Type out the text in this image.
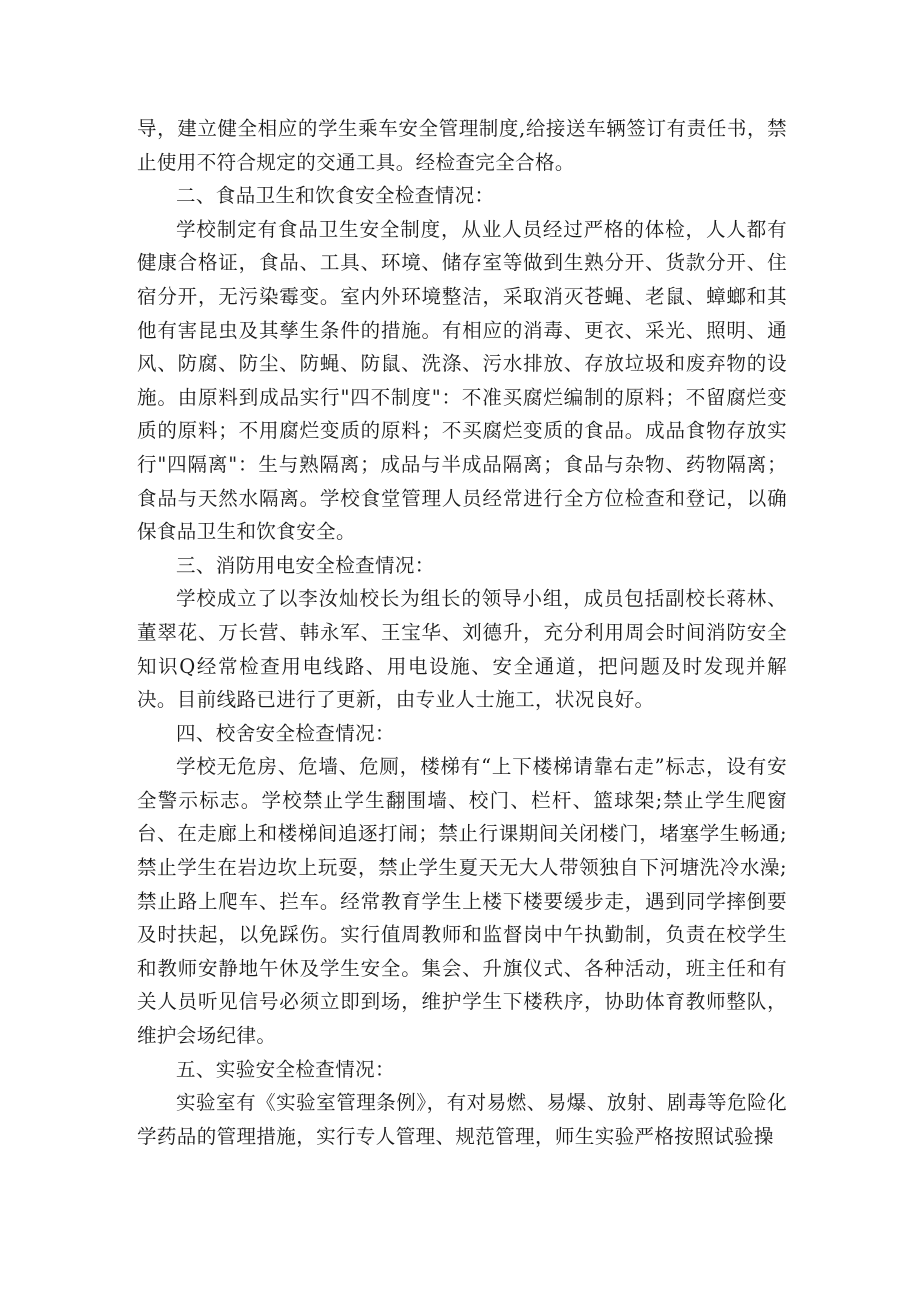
导，建立健全相应的学生乘车安全管理制度,给接送车辆签订有责任书，禁止使用不符合规定的交通工具。经检查完全合格。

二、食品卫生和饮食安全检查情况：

学校制定有食品卫生安全制度，从业人员经过严格的体检，人人都有健康合格证，食品、工具、环境、储存室等做到生熟分开、货款分开、住宿分开，无污染霉变。室内外环境整洁，采取消灭苍蝇、老鼠、蟑螂和其他有害昆虫及其孳生条件的措施。有相应的消毒、更衣、采光、照明、通风、防腐、防尘、防蝇、防鼠、洗涤、污水排放、存放垃圾和废弃物的设施。由原料到成品实行"四不制度"：不准买腐烂编制的原料；不留腐烂变质的原料；不用腐烂变质的原料；不买腐烂变质的食品。成品食物存放实行"四隔离"：生与熟隔离；成品与半成品隔离；食品与杂物、药物隔离；食品与天然水隔离。学校食堂管理人员经常进行全方位检查和登记，以确保食品卫生和饮食安全。

三、消防用电安全检查情况：

学校成立了以李汝灿校长为组长的领导小组，成员包括副校长蒋林、董翠花、万长营、韩永军、王宝华、刘德升，充分利用周会时间消防安全知识Q经常检查用电线路、用电设施、安全通道，把问题及时发现并解决。目前线路已进行了更新，由专业人士施工，状况良好。

四、校舍安全检查情况：

学校无危房、危墙、危厕，楼梯有“上下楼梯请靠右走”标志，设有安全警示标志。学校禁止学生翻围墙、校门、栏杆、篮球架;禁止学生爬窗台、在走廊上和楼梯间追逐打闹；禁止行课期间关闭楼门，堵塞学生畅通;禁止学生在岩边坎上玩耍，禁止学生夏天无大人带领独自下河塘洗冷水澡;禁止路上爬车、拦车。经常教育学生上楼下楼要缓步走，遇到同学摔倒要及时扶起，以免踩伤。实行值周教师和监督岗中午执勤制，负责在校学生和教师安静地午休及学生安全。集会、升旗仪式、各种活动，班主任和有关人员听见信号必须立即到场，维护学生下楼秩序，协助体育教师整队，维护会场纪律。

五、实验安全检查情况：

实验室有《实验室管理条例》，有对易燃、易爆、放射、剧毒等危险化学药品的管理措施，实行专人管理、规范管理，师生实验严格按照试验操
